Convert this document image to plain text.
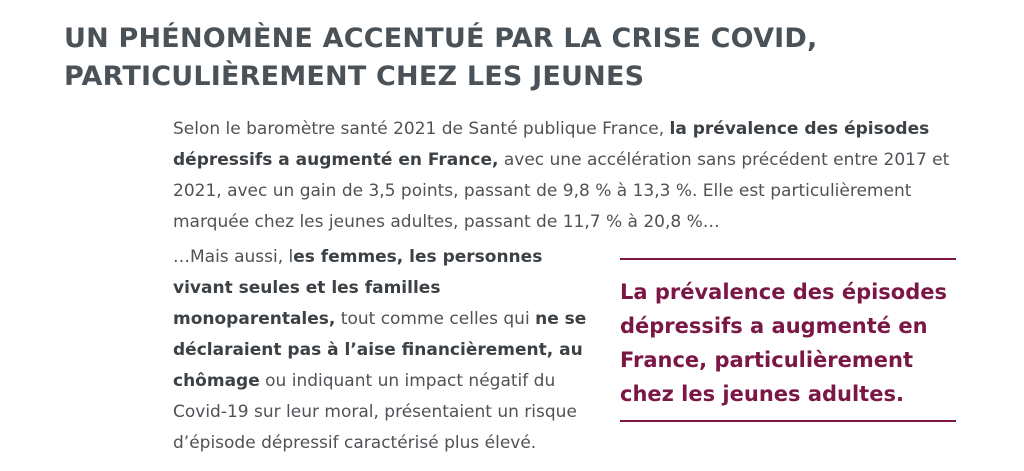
UN PHÉNOMÈNE ACCENTUÉ PAR LA CRISE COVID,
PARTICULIÈREMENT CHEZ LES JEUNES

Selon le baromètre santé 2021 de Santé publique France, la prévalence des épisodes dépressifs a augmenté en France, avec une accélération sans précédent entre 2017 et 2021, avec un gain de 3,5 points, passant de 9,8 % à 13,3 %. Elle est particulièrement marquée chez les jeunes adultes, passant de 11,7 % à 20,8 %…

…Mais aussi, les femmes, les personnes vivant seules et les familles monoparentales, tout comme celles qui ne se déclaraient pas à l’aise financièrement, au chômage ou indiquant un impact négatif du Covid-19 sur leur moral, présentaient un risque d’épisode dépressif caractérisé plus élevé.

La prévalence des épisodes dépressifs a augmenté en France, particulièrement chez les jeunes adultes.
